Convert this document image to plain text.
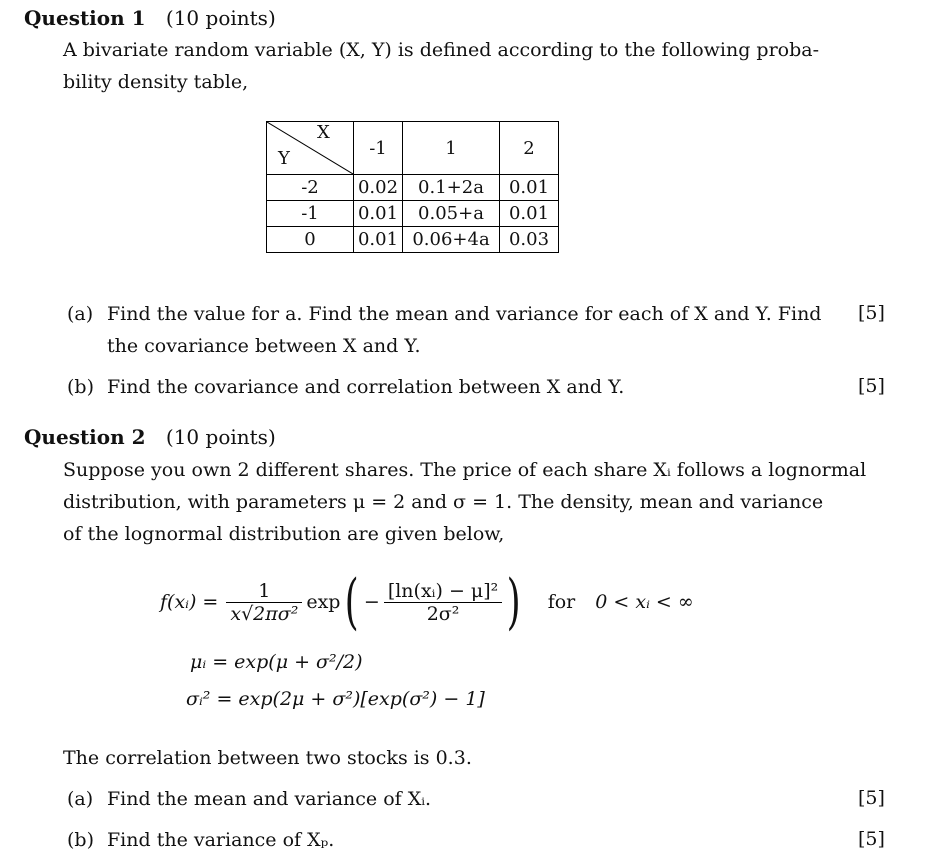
Question 1 (10 points)
A bivariate random variable (X, Y) is defined according to the following proba-
bility density table,
X
Y	-1	1	2
-2	0.02	0.1+2a	0.01
-1	0.01	0.05+a	0.01
0	0.01	0.06+4a	0.03
(a) Find the value for a. Find the mean and variance for each of X and Y. Find
the covariance between X and Y.
[5]
(b) Find the covariance and correlation between X and Y.	[5]
Question 2 (10 points)
Suppose you own 2 different shares. The price of each share Xᵢ follows a lognormal
distribution, with parameters μ = 2 and σ = 1. The density, mean and variance
of the lognormal distribution are given below,
f(xᵢ) = $\frac{1}{\text{x√2πσ²}}$ exp ( − $\frac{\text{[ln(xᵢ) − μ]²}}{\text{2σ²}}$ ) for 0 < xᵢ < ∞
μᵢ = exp(μ + σ²/2)
σᵢ² = exp(2μ + σ²)[exp(σ²) − 1]
The correlation between two stocks is 0.3.
(a) Find the mean and variance of Xᵢ.	[5]
(b) Find the variance of Xₚ.	[5]
